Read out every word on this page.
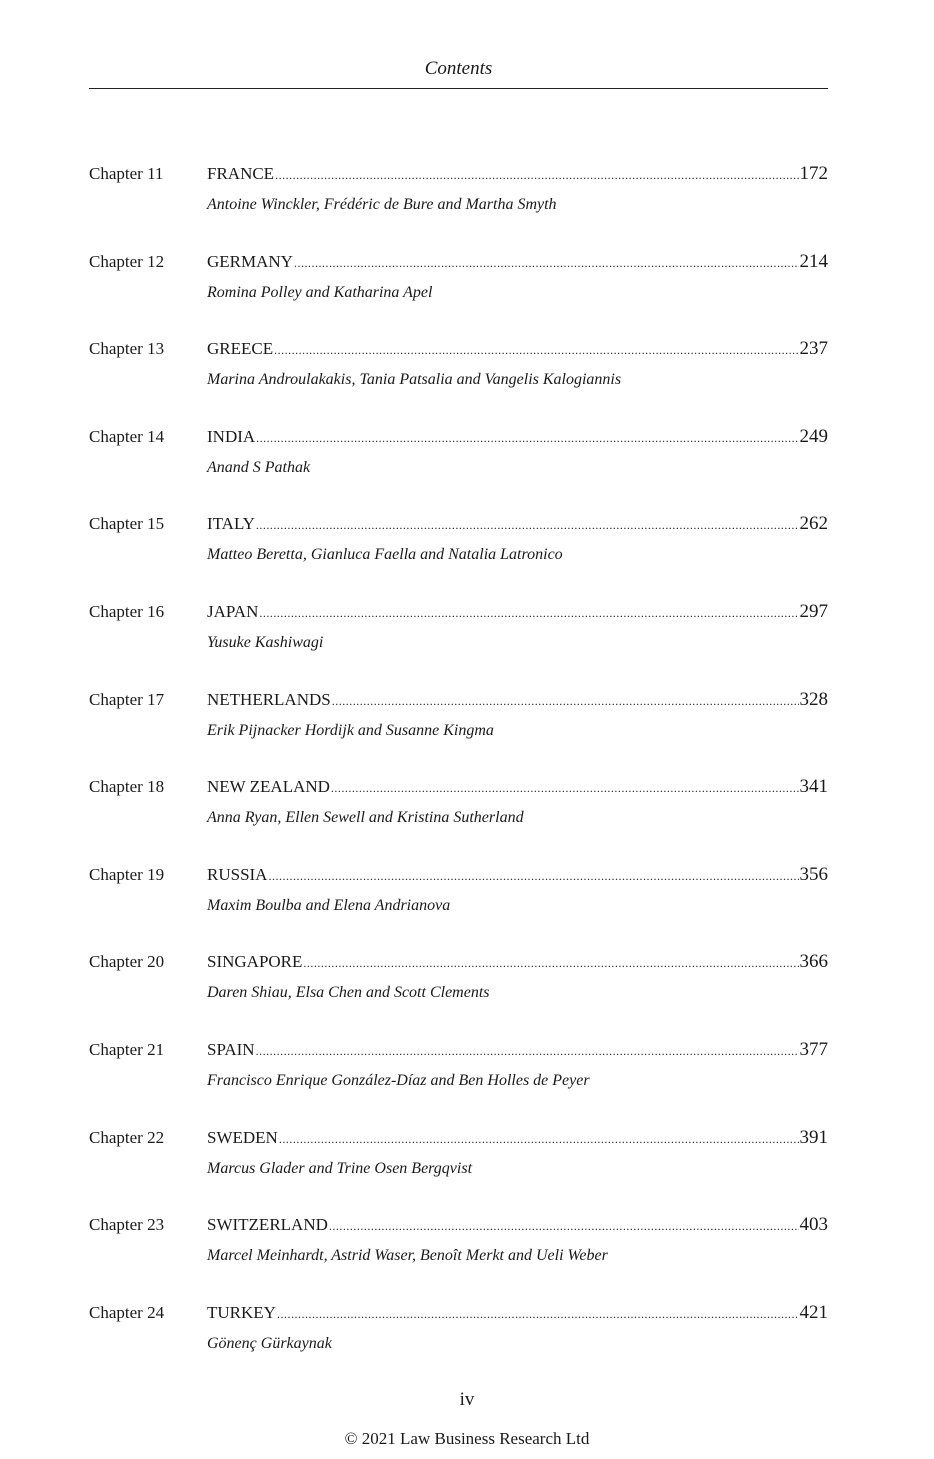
Contents
Chapter 11	FRANCE .....	172
Antoine Winckler, Frédéric de Bure and Martha Smyth
Chapter 12	GERMANY .....	214
Romina Polley and Katharina Apel
Chapter 13	GREECE .....	237
Marina Androulakakis, Tania Patsalia and Vangelis Kalogiannis
Chapter 14	INDIA .....	249
Anand S Pathak
Chapter 15	ITALY .....	262
Matteo Beretta, Gianluca Faella and Natalia Latronico
Chapter 16	JAPAN .....	297
Yusuke Kashiwagi
Chapter 17	NETHERLANDS .....	328
Erik Pijnacker Hordijk and Susanne Kingma
Chapter 18	NEW ZEALAND .....	341
Anna Ryan, Ellen Sewell and Kristina Sutherland
Chapter 19	RUSSIA .....	356
Maxim Boulba and Elena Andrianova
Chapter 20	SINGAPORE .....	366
Daren Shiau, Elsa Chen and Scott Clements
Chapter 21	SPAIN .....	377
Francisco Enrique González-Díaz and Ben Holles de Peyer
Chapter 22	SWEDEN .....	391
Marcus Glader and Trine Osen Bergqvist
Chapter 23	SWITZERLAND .....	403
Marcel Meinhardt, Astrid Waser, Benoît Merkt and Ueli Weber
Chapter 24	TURKEY .....	421
Gönenç Gürkaynak
iv
© 2021 Law Business Research Ltd
